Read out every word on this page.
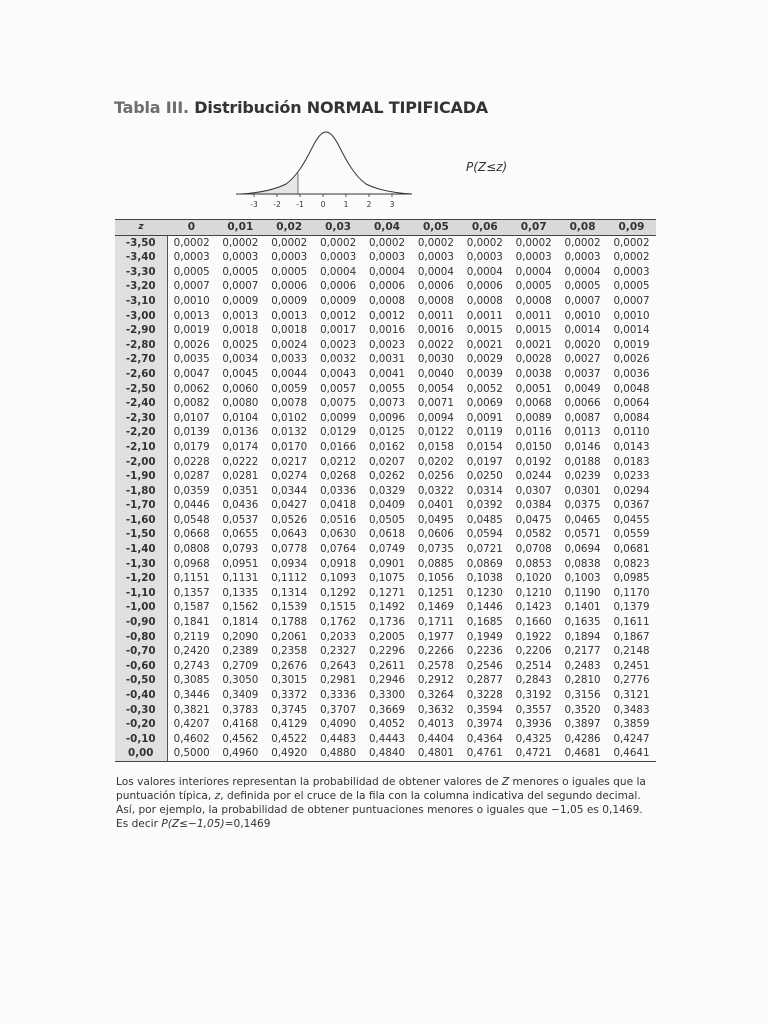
Tabla III. Distribución NORMAL TIPIFICADA
-3 -2 -1 0 1 2 3
P(Z≤z)
z	0	0,01	0,02	0,03	0,04	0,05	0,06	0,07	0,08	0,09
-3,50	0,0002	0,0002	0,0002	0,0002	0,0002	0,0002	0,0002	0,0002	0,0002	0,0002
-3,40	0,0003	0,0003	0,0003	0,0003	0,0003	0,0003	0,0003	0,0003	0,0003	0,0002
-3,30	0,0005	0,0005	0,0005	0,0004	0,0004	0,0004	0,0004	0,0004	0,0004	0,0003
-3,20	0,0007	0,0007	0,0006	0,0006	0,0006	0,0006	0,0006	0,0005	0,0005	0,0005
-3,10	0,0010	0,0009	0,0009	0,0009	0,0008	0,0008	0,0008	0,0008	0,0007	0,0007
-3,00	0,0013	0,0013	0,0013	0,0012	0,0012	0,0011	0,0011	0,0011	0,0010	0,0010
-2,90	0,0019	0,0018	0,0018	0,0017	0,0016	0,0016	0,0015	0,0015	0,0014	0,0014
-2,80	0,0026	0,0025	0,0024	0,0023	0,0023	0,0022	0,0021	0,0021	0,0020	0,0019
-2,70	0,0035	0,0034	0,0033	0,0032	0,0031	0,0030	0,0029	0,0028	0,0027	0,0026
-2,60	0,0047	0,0045	0,0044	0,0043	0,0041	0,0040	0,0039	0,0038	0,0037	0,0036
-2,50	0,0062	0,0060	0,0059	0,0057	0,0055	0,0054	0,0052	0,0051	0,0049	0,0048
-2,40	0,0082	0,0080	0,0078	0,0075	0,0073	0,0071	0,0069	0,0068	0,0066	0,0064
-2,30	0,0107	0,0104	0,0102	0,0099	0,0096	0,0094	0,0091	0,0089	0,0087	0,0084
-2,20	0,0139	0,0136	0,0132	0,0129	0,0125	0,0122	0,0119	0,0116	0,0113	0,0110
-2,10	0,0179	0,0174	0,0170	0,0166	0,0162	0,0158	0,0154	0,0150	0,0146	0,0143
-2,00	0,0228	0,0222	0,0217	0,0212	0,0207	0,0202	0,0197	0,0192	0,0188	0,0183
-1,90	0,0287	0,0281	0,0274	0,0268	0,0262	0,0256	0,0250	0,0244	0,0239	0,0233
-1,80	0,0359	0,0351	0,0344	0,0336	0,0329	0,0322	0,0314	0,0307	0,0301	0,0294
-1,70	0,0446	0,0436	0,0427	0,0418	0,0409	0,0401	0,0392	0,0384	0,0375	0,0367
-1,60	0,0548	0,0537	0,0526	0,0516	0,0505	0,0495	0,0485	0,0475	0,0465	0,0455
-1,50	0,0668	0,0655	0,0643	0,0630	0,0618	0,0606	0,0594	0,0582	0,0571	0,0559
-1,40	0,0808	0,0793	0,0778	0,0764	0,0749	0,0735	0,0721	0,0708	0,0694	0,0681
-1,30	0,0968	0,0951	0,0934	0,0918	0,0901	0,0885	0,0869	0,0853	0,0838	0,0823
-1,20	0,1151	0,1131	0,1112	0,1093	0,1075	0,1056	0,1038	0,1020	0,1003	0,0985
-1,10	0,1357	0,1335	0,1314	0,1292	0,1271	0,1251	0,1230	0,1210	0,1190	0,1170
-1,00	0,1587	0,1562	0,1539	0,1515	0,1492	0,1469	0,1446	0,1423	0,1401	0,1379
-0,90	0,1841	0,1814	0,1788	0,1762	0,1736	0,1711	0,1685	0,1660	0,1635	0,1611
-0,80	0,2119	0,2090	0,2061	0,2033	0,2005	0,1977	0,1949	0,1922	0,1894	0,1867
-0,70	0,2420	0,2389	0,2358	0,2327	0,2296	0,2266	0,2236	0,2206	0,2177	0,2148
-0,60	0,2743	0,2709	0,2676	0,2643	0,2611	0,2578	0,2546	0,2514	0,2483	0,2451
-0,50	0,3085	0,3050	0,3015	0,2981	0,2946	0,2912	0,2877	0,2843	0,2810	0,2776
-0,40	0,3446	0,3409	0,3372	0,3336	0,3300	0,3264	0,3228	0,3192	0,3156	0,3121
-0,30	0,3821	0,3783	0,3745	0,3707	0,3669	0,3632	0,3594	0,3557	0,3520	0,3483
-0,20	0,4207	0,4168	0,4129	0,4090	0,4052	0,4013	0,3974	0,3936	0,3897	0,3859
-0,10	0,4602	0,4562	0,4522	0,4483	0,4443	0,4404	0,4364	0,4325	0,4286	0,4247
0,00	0,5000	0,4960	0,4920	0,4880	0,4840	0,4801	0,4761	0,4721	0,4681	0,4641
Los valores interiores representan la probabilidad de obtener valores de Z menores o iguales que la
puntuación típica, z, definida por el cruce de la fila con la columna indicativa del segundo decimal.
Así, por ejemplo, la probabilidad de obtener puntuaciones menores o iguales que −1,05 es 0,1469.
Es decir P(Z≤−1,05)=0,1469
